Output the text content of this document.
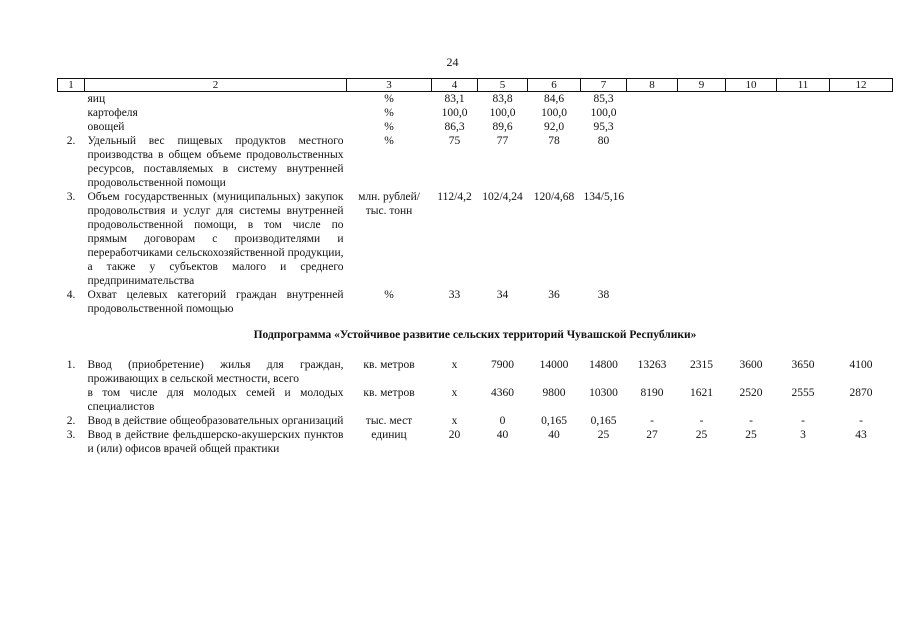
24
1	2	3	4	5	6	7	8	9	10	11	12
	яиц	%	83,1	83,8	84,6	85,3					
	картофеля	%	100,0	100,0	100,0	100,0					
	овощей	%	86,3	89,6	92,0	95,3					
2.	Удельный вес пищевых продуктов местного производства в общем объеме продовольственных ресурсов, поставляемых в систему внутренней продовольственной помощи	%	75	77	78	80					
3.	Объем государственных (муниципальных) закупок продовольствия и услуг для системы внутренней продовольственной помощи, в том числе по прямым договорам с производителями и переработчиками сельскохозяйственной продукции, а также у субъектов малого и среднего предпринимательства	млн. рублей/тыс. тонн	112/4,2	102/4,24	120/4,68	134/5,16					
4.	Охват целевых категорий граждан внутренней продовольственной помощью	%	33	34	36	38					
Подпрограмма «Устойчивое развитие сельских территорий Чувашской Республики»											
1.	Ввод (приобретение) жилья для граждан, проживающих в сельской местности, всего	кв. метров	х	7900	14000	14800	13263	2315	3600	3650	4100
	в том числе для молодых семей и молодых специалистов	кв. метров	х	4360	9800	10300	8190	1621	2520	2555	2870
2.	Ввод в действие общеобразовательных организаций	тыс. мест	х	0	0,165	0,165	-	-	-	-	-
3.	Ввод в действие фельдшерско-акушерских пунктов и (или) офисов врачей общей практики	единиц	20	40	40	25	27	25	25	3	43
